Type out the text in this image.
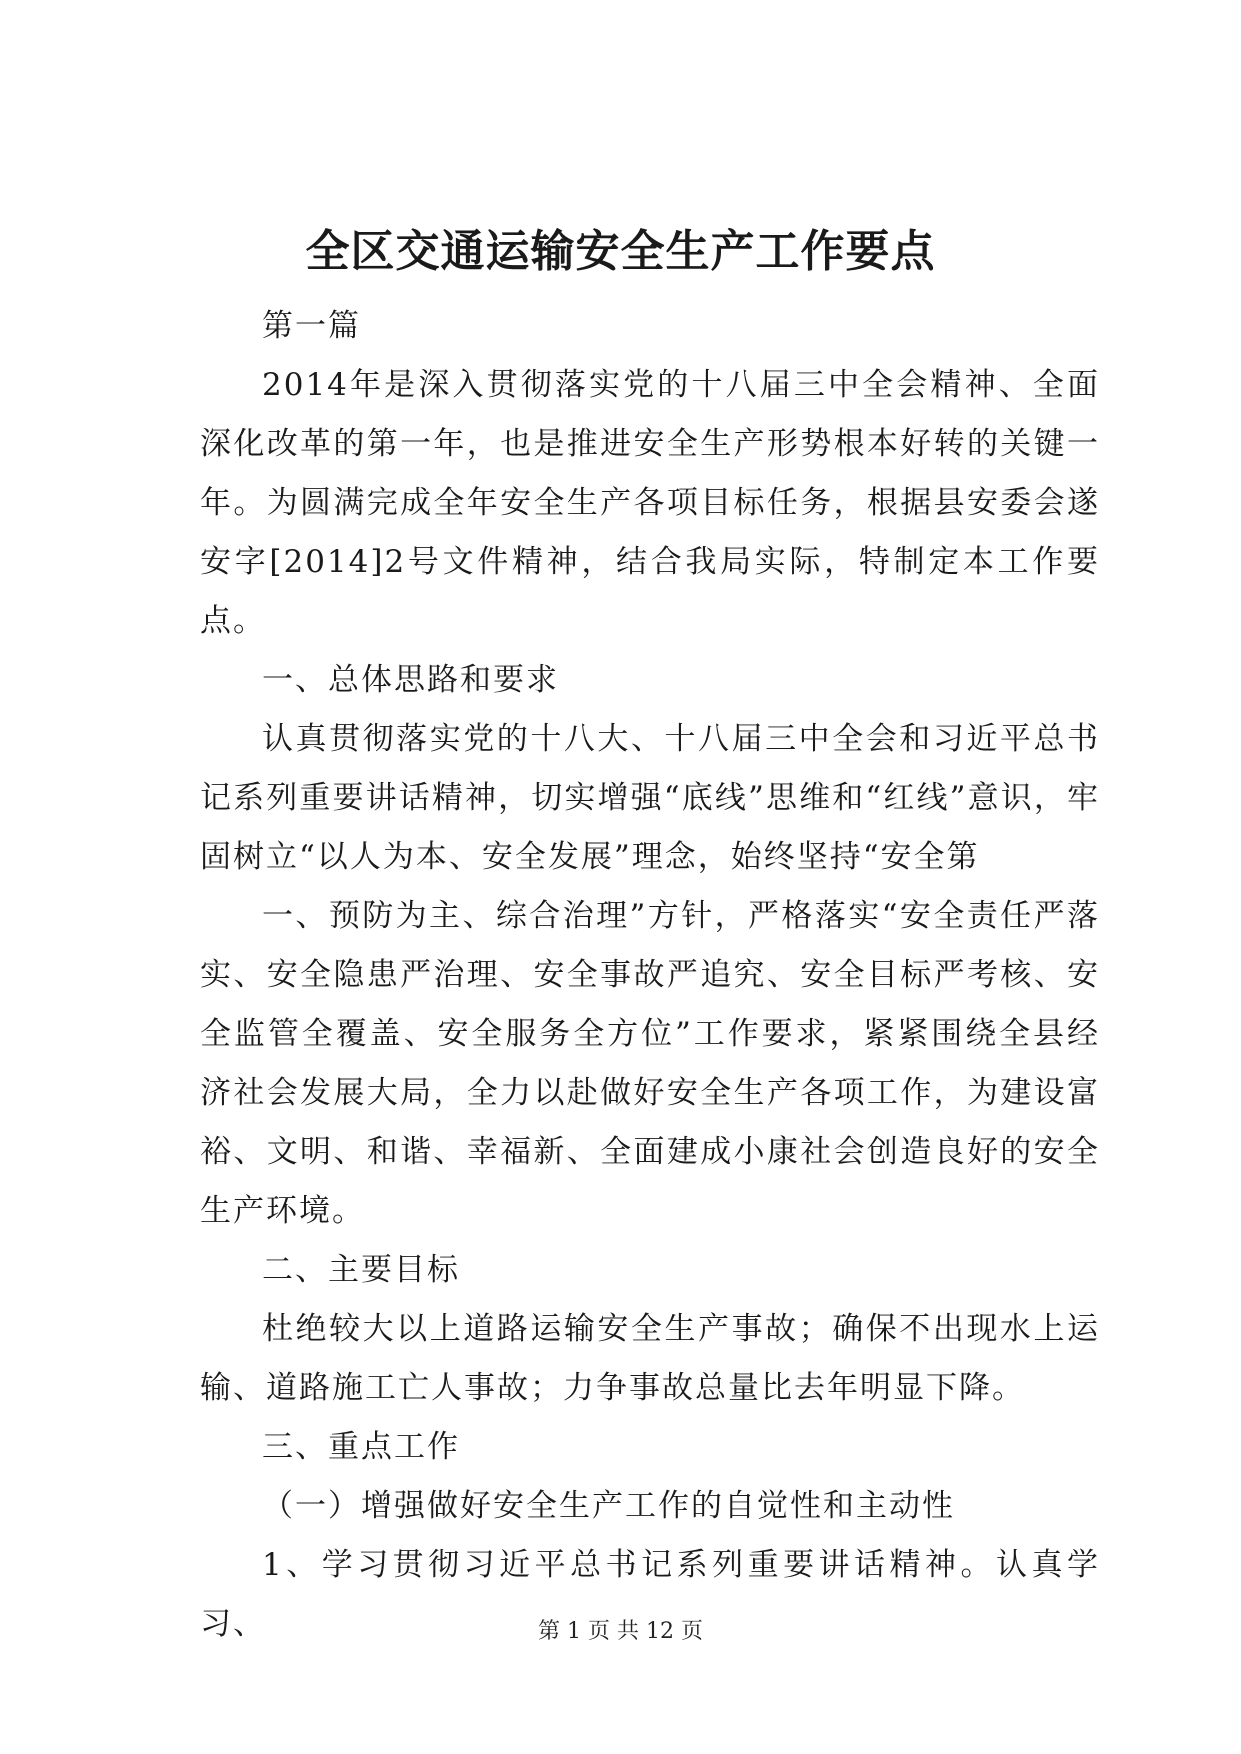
全区交通运输安全生产工作要点

第一篇

2014年是深入贯彻落实党的十八届三中全会精神、全面深化改革的第一年，也是推进安全生产形势根本好转的关键一年。为圆满完成全年安全生产各项目标任务，根据县安委会遂安字[2014]2号文件精神，结合我局实际，特制定本工作要点。

一、总体思路和要求

认真贯彻落实党的十八大、十八届三中全会和习近平总书记系列重要讲话精神，切实增强“底线”思维和“红线”意识，牢固树立“以人为本、安全发展”理念，始终坚持“安全第

一、预防为主、综合治理”方针，严格落实“安全责任严落实、安全隐患严治理、安全事故严追究、安全目标严考核、安全监管全覆盖、安全服务全方位”工作要求，紧紧围绕全县经济社会发展大局，全力以赴做好安全生产各项工作，为建设富裕、文明、和谐、幸福新、全面建成小康社会创造良好的安全生产环境。

二、主要目标

杜绝较大以上道路运输安全生产事故；确保不出现水上运输、道路施工亡人事故；力争事故总量比去年明显下降。

三、重点工作

（一）增强做好安全生产工作的自觉性和主动性

1、学习贯彻习近平总书记系列重要讲话精神。认真学习、	第 1 页 共 12 页
